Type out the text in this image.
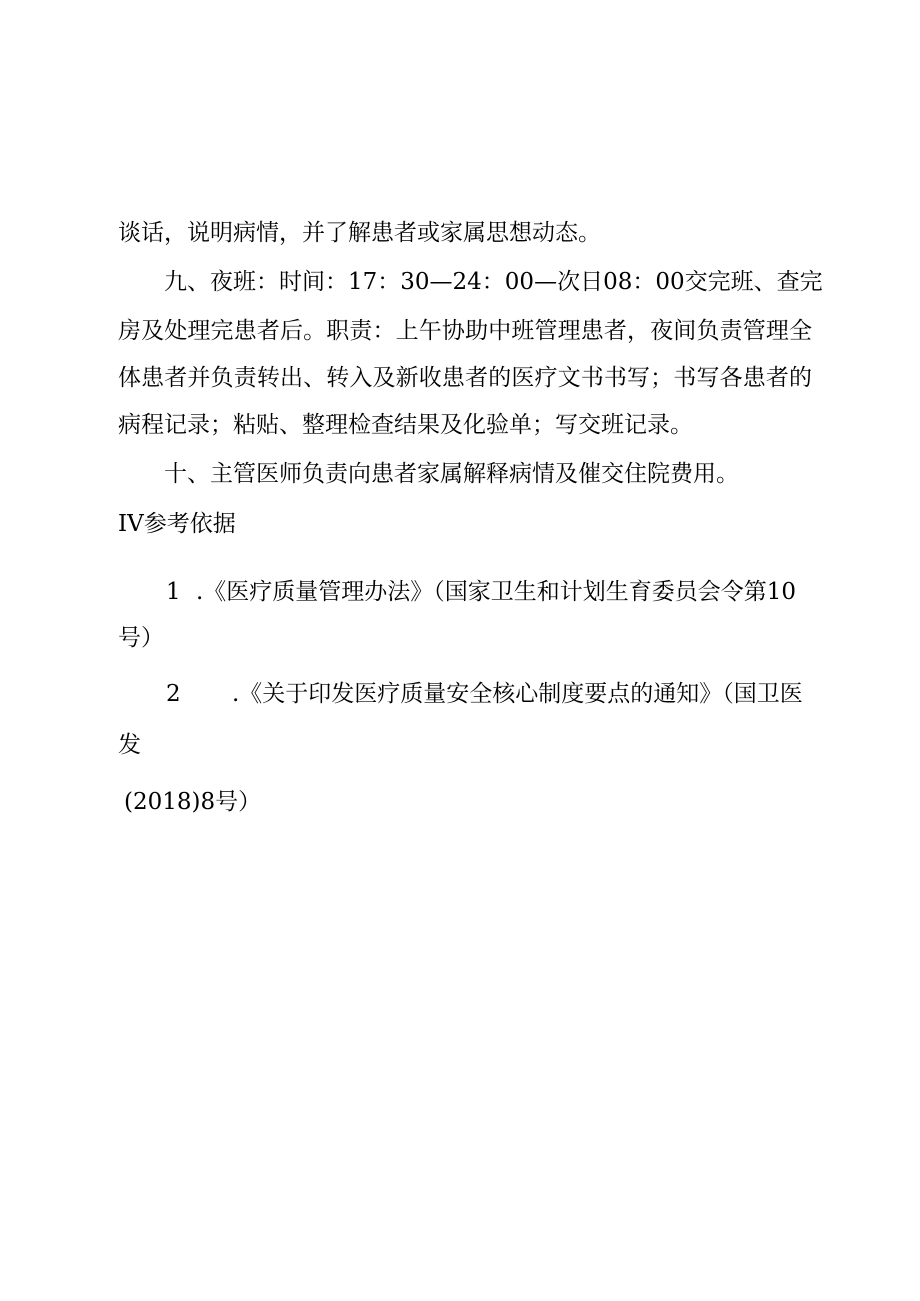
谈话，说明病情，并了解患者或家属思想动态。
九、夜班：时间：17：30—24：00—次日08：00交完班、查完
房及处理完患者后。职责：上午协助中班管理患者，夜间负责管理全
体患者并负责转出、转入及新收患者的医疗文书书写；书写各患者的
病程记录；粘贴、整理检查结果及化验单；写交班记录。
十、主管医师负责向患者家属解释病情及催交住院费用。
IV参考依据
1 .《医疗质量管理办法》（国家卫生和计划生育委员会令第10
号）
2 .《关于印发医疗质量安全核心制度要点的通知》（国卫医
发
(2018)8号）
